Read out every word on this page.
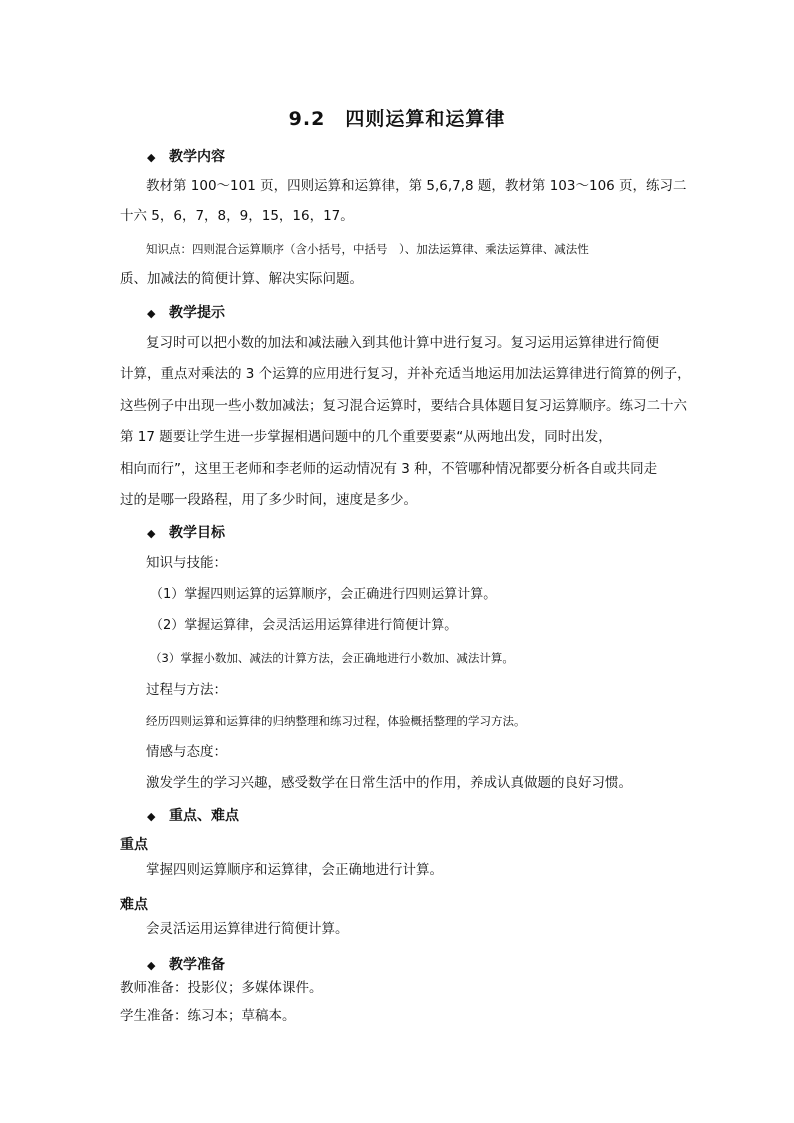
9.2　四则运算和运算律
◆ 教学内容
教材第 100～101 页，四则运算和运算律，第 5,6,7,8 题，教材第 103～106 页，练习二
十六 5，6，7，8，9，15，16，17。
知识点：四则混合运算顺序（含小括号，中括号　）、加法运算律、乘法运算律、减法性
质、加减法的简便计算、解决实际问题。
◆ 教学提示
复习时可以把小数的加法和减法融入到其他计算中进行复习。复习运用运算律进行简便
计算，重点对乘法的 3 个运算的应用进行复习，并补充适当地运用加法运算律进行简算的例子，
这些例子中出现一些小数加减法；复习混合运算时，要结合具体题目复习运算顺序。练习二十六
第 17 题要让学生进一步掌握相遇问题中的几个重要要素“从两地出发，同时出发，
相向而行”，这里王老师和李老师的运动情况有 3 种，不管哪种情况都要分析各自或共同走
过的是哪一段路程，用了多少时间，速度是多少。
◆ 教学目标
知识与技能：
（1）掌握四则运算的运算顺序，会正确进行四则运算计算。
（2）掌握运算律，会灵活运用运算律进行简便计算。
（3）掌握小数加、减法的计算方法，会正确地进行小数加、减法计算。
过程与方法：
经历四则运算和运算律的归纳整理和练习过程，体验概括整理的学习方法。
情感与态度：
激发学生的学习兴趣，感受数学在日常生活中的作用，养成认真做题的良好习惯。
◆ 重点、难点
重点
掌握四则运算顺序和运算律，会正确地进行计算。
难点
会灵活运用运算律进行简便计算。
◆ 教学准备
教师准备：投影仪；多媒体课件。
学生准备：练习本；草稿本。
